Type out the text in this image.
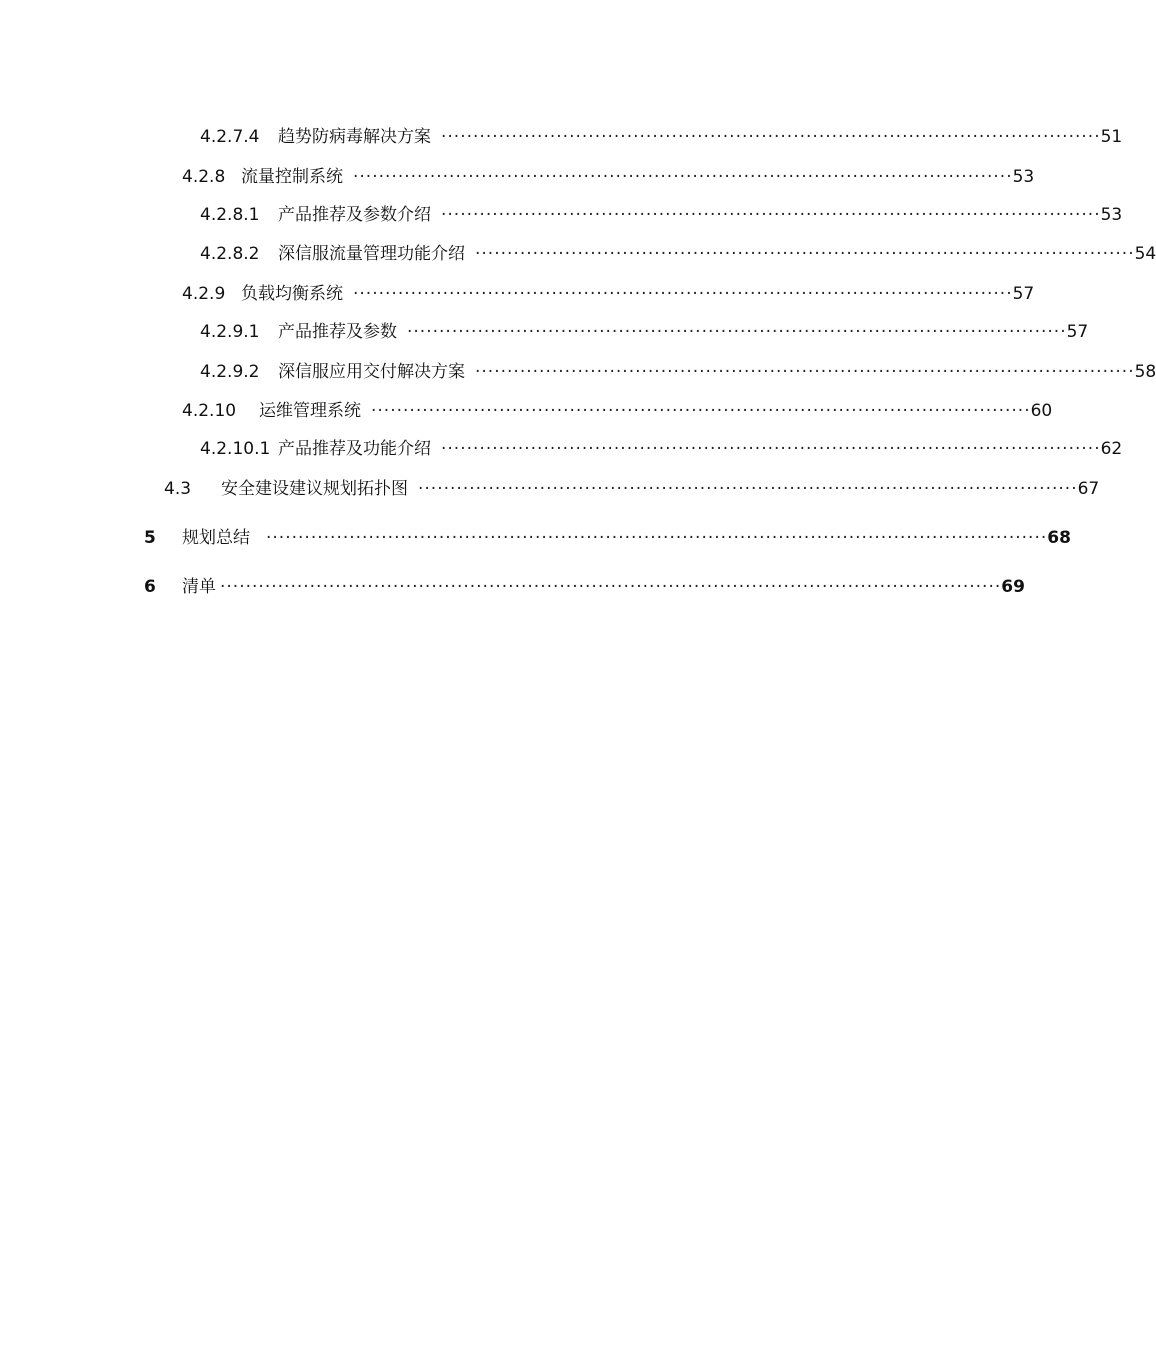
4.2.7.4	趋势防病毒解决方案 ······································································································· 51
4.2.8 流量控制系统 ······································································································· 53
4.2.8.1	产品推荐及参数介绍 ······································································································· 53
4.2.8.2	深信服流量管理功能介绍 ······································································································· 54
4.2.9 负载均衡系统 ······································································································· 57
4.2.9.1	产品推荐及参数 ······································································································· 57
4.2.9.2	深信服应用交付解决方案 ······································································································· 58
4.2.10	运维管理系统 ······································································································· 60
4.2.10.1 产品推荐及功能介绍 ······································································································· 62
4.3	安全建设建议规划拓扑图 ······································································································· 67
5	规划总结 ·························································································································· 68
6	清单 ·························································································································· 69
